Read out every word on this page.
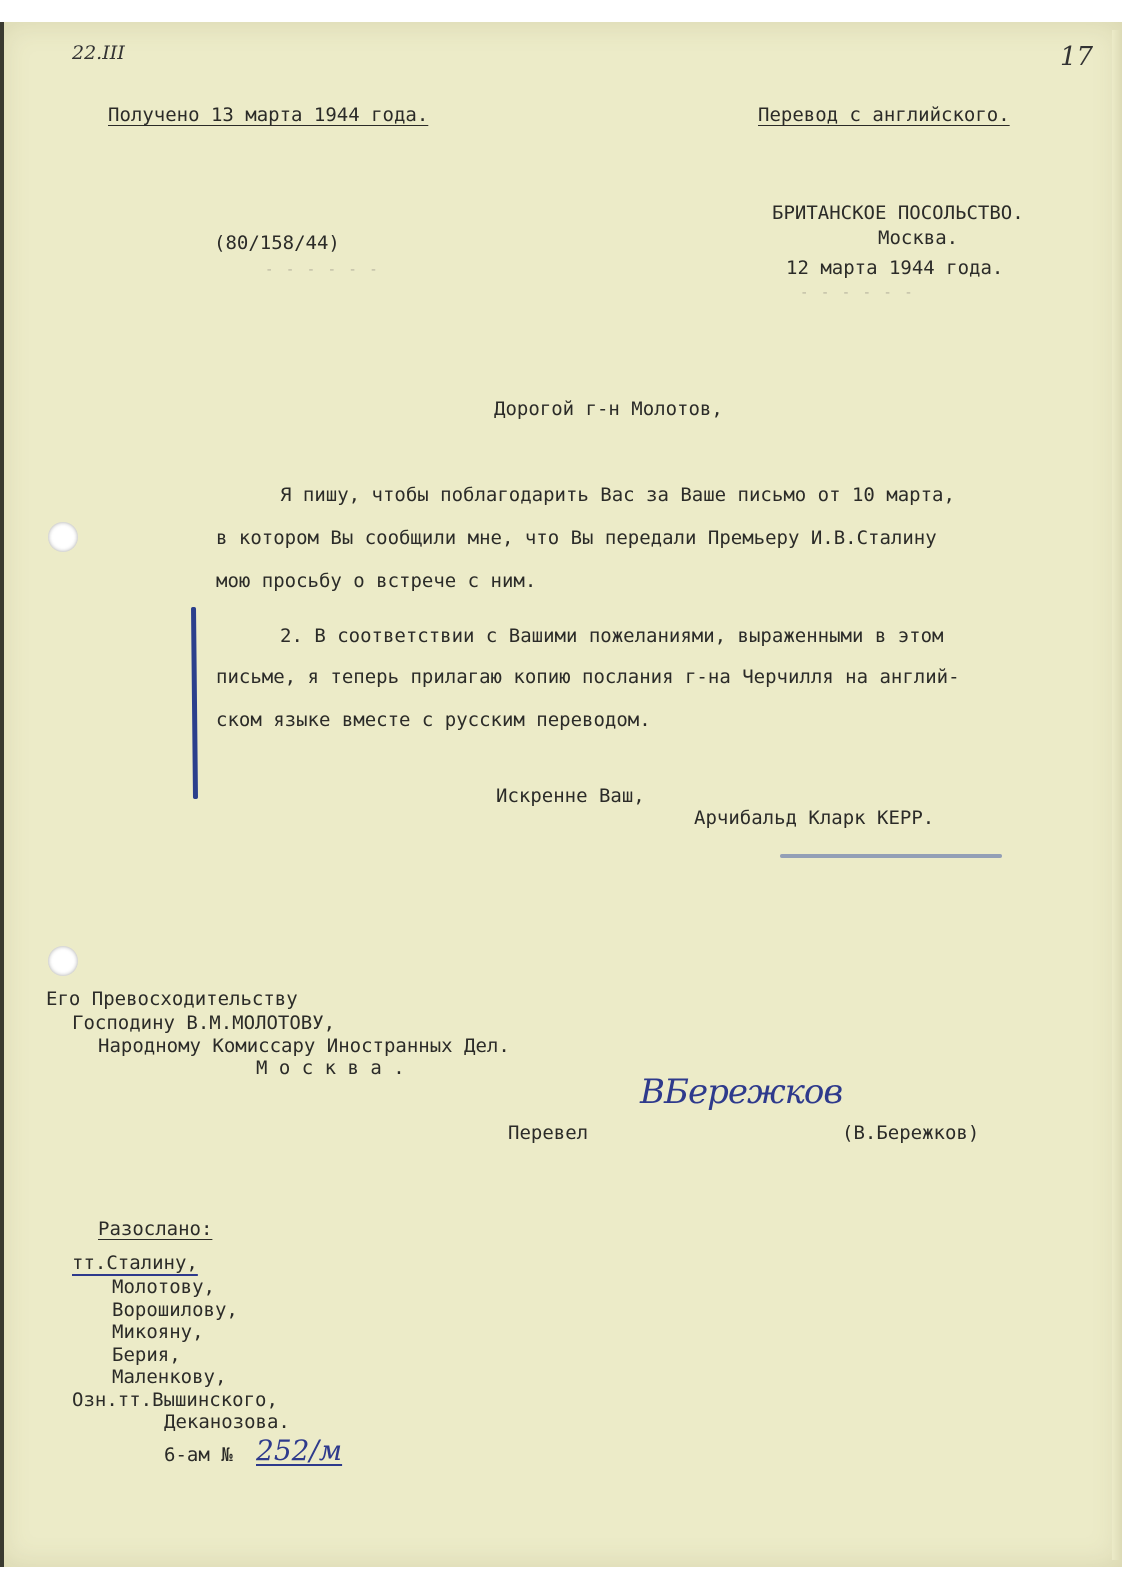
22.III	17
Получено 13 марта 1944 года.	Перевод с английского.
БРИТАНСКОЕ ПОСОЛЬСТВО.
(80/158/44)	Москва.
12 марта 1944 года.
- - - - - -
- - - - - -
Дорогой г-н Молотов,
Я пишу, чтобы поблагодарить Вас за Ваше письмо от 10 марта,
в котором Вы сообщили мне, что Вы передали Премьеру И.В.Сталину
мою просьбу о встрече с ним.
2. В соответствии с Вашими пожеланиями, выраженными в этом
письме, я теперь прилагаю копию послания г-на Черчилля на англий-
ском языке вместе с русским переводом.
Искренне Ваш,
Арчибальд Кларк КЕРР.
Его Превосходительству
Господину В.М.МОЛОТОВУ,
Народному Комиссару Иностранных Дел.
М о с к в а .
ВБережков
Перевел	(В.Бережков)
Разослано:
тт.Сталину,
Молотову,
Ворошилову,
Микояну,
Берия,
Маленкову,
Озн.тт.Вышинского,
Деканозова.
6-ам № 252/м
